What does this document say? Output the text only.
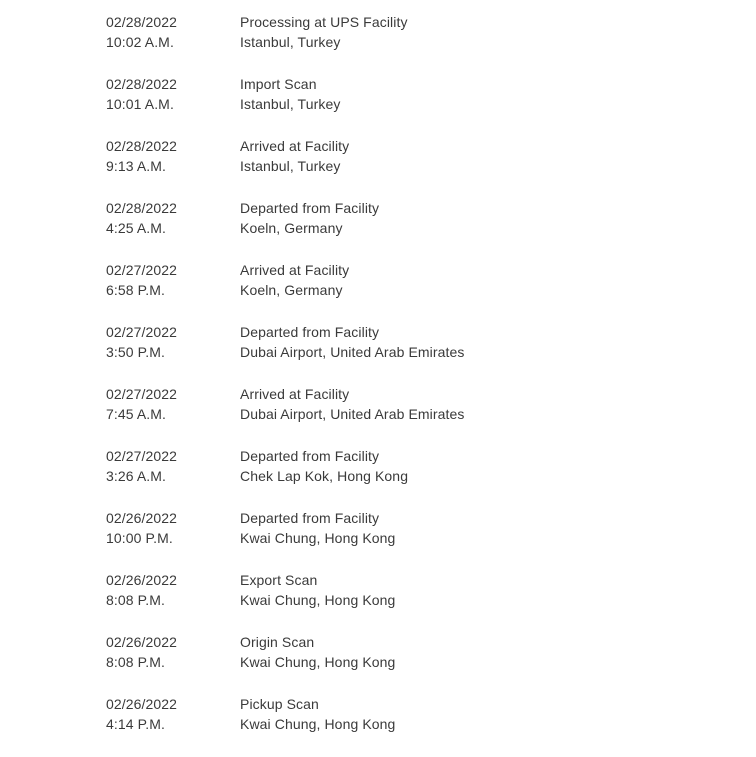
02/28/2022
10:02 A.M.
Processing at UPS Facility
Istanbul, Turkey
02/28/2022
10:01 A.M.
Import Scan
Istanbul, Turkey
02/28/2022
9:13 A.M.
Arrived at Facility
Istanbul, Turkey
02/28/2022
4:25 A.M.
Departed from Facility
Koeln, Germany
02/27/2022
6:58 P.M.
Arrived at Facility
Koeln, Germany
02/27/2022
3:50 P.M.
Departed from Facility
Dubai Airport, United Arab Emirates
02/27/2022
7:45 A.M.
Arrived at Facility
Dubai Airport, United Arab Emirates
02/27/2022
3:26 A.M.
Departed from Facility
Chek Lap Kok, Hong Kong
02/26/2022
10:00 P.M.
Departed from Facility
Kwai Chung, Hong Kong
02/26/2022
8:08 P.M.
Export Scan
Kwai Chung, Hong Kong
02/26/2022
8:08 P.M.
Origin Scan
Kwai Chung, Hong Kong
02/26/2022
4:14 P.M.
Pickup Scan
Kwai Chung, Hong Kong
